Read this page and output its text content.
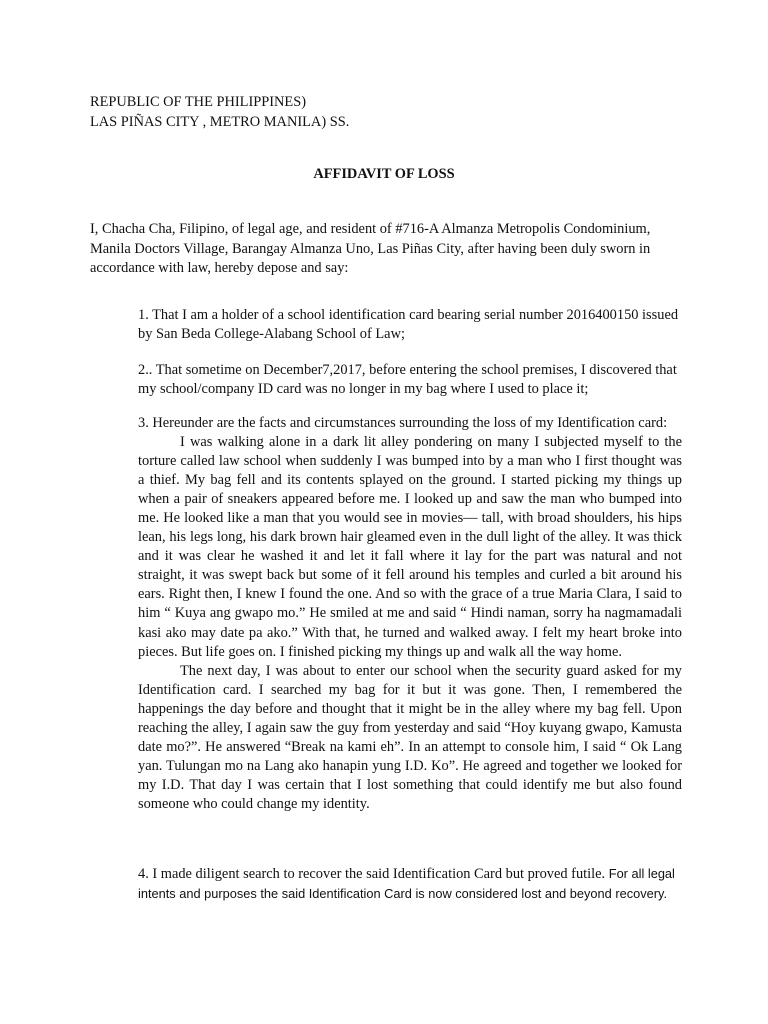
REPUBLIC OF THE PHILIPPINES)
LAS PIÑAS CITY , METRO MANILA) SS.
AFFIDAVIT OF LOSS

I, Chacha Cha, Filipino, of legal age, and resident of #716-A Almanza Metropolis Condominium, Manila Doctors Village, Barangay Almanza Uno, Las Piñas City, after having been duly sworn in accordance with law, hereby depose and say:

1. That I am a holder of a school identification card bearing serial number 2016400150 issued by San Beda College-Alabang School of Law;

2.. That sometime on December7,2017, before entering the school premises, I discovered that my school/company ID card was no longer in my bag where I used to place it;

3. Hereunder are the facts and circumstances surrounding the loss of my Identification card:
I was walking alone in a dark lit alley pondering on many I subjected myself to the torture called law school when suddenly I was bumped into by a man who I first thought was a thief. My bag fell and its contents splayed on the ground. I started picking my things up when a pair of sneakers appeared before me. I looked up and saw the man who bumped into me. He looked like a man that you would see in movies— tall, with broad shoulders, his hips lean, his legs long, his dark brown hair gleamed even in the dull light of the alley. It was thick and it was clear he washed it and let it fall where it lay for the part was natural and not straight, it was swept back but some of it fell around his temples and curled a bit around his ears. Right then, I knew I found the one. And so with the grace of a true Maria Clara, I said to him “ Kuya ang gwapo mo.” He smiled at me and said “ Hindi naman, sorry ha nagmamadali kasi ako may date pa ako.” With that, he turned and walked away. I felt my heart broke into pieces. But life goes on. I finished picking my things up and walk all the way home.
The next day, I was about to enter our school when the security guard asked for my Identification card. I searched my bag for it but it was gone. Then, I remembered the happenings the day before and thought that it might be in the alley where my bag fell. Upon reaching the alley, I again saw the guy from yesterday and said “Hoy kuyang gwapo, Kamusta date mo?”. He answered “Break na kami eh”. In an attempt to console him, I said “ Ok Lang yan. Tulungan mo na Lang ako hanapin yung I.D. Ko”. He agreed and together we looked for my I.D. That day I was certain that I lost something that could identify me but also found someone who could change my identity.

4. I made diligent search to recover the said Identification Card but proved futile. For all legal intents and purposes the said Identification Card is now considered lost and beyond recovery.
